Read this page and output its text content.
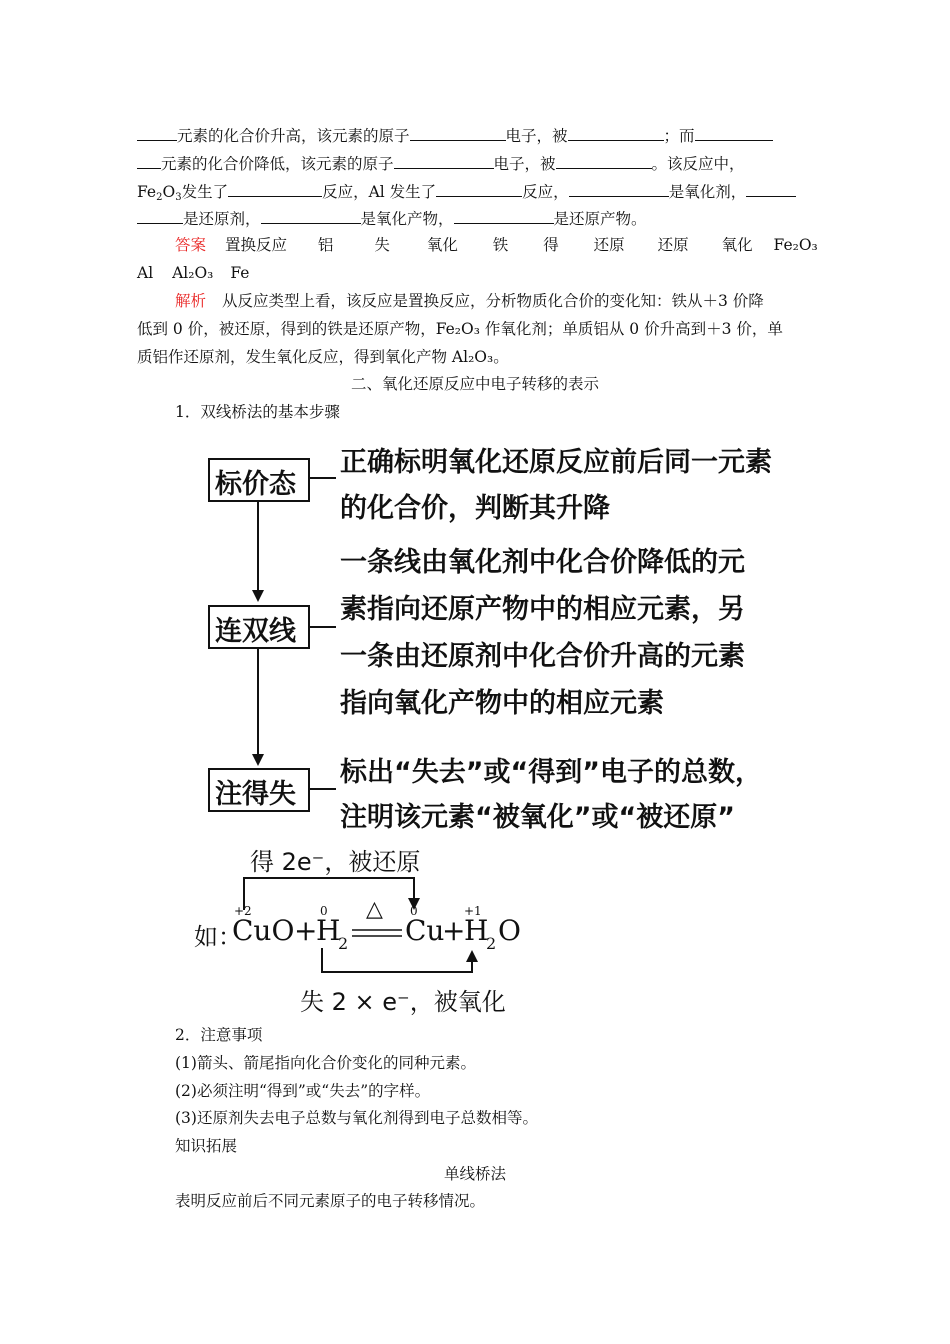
元素的化合价升高，该元素的原子	电子，被	；而
元素的化合价降低，该元素的原子	电子，被	。该反应中，
$Fe_2O_3$发生了	反应，Al 发生了	反应，	是氧化剂，
是还原剂，	是氧化产物，	是还原产物。
答案 置换反应 铝	失 氧化 铁 得 还原 还原 氧化 Fe₂O₃
Al Al₂O₃ Fe
解析 从反应类型上看，该反应是置换反应，分析物质化合价的变化知：铁从＋3 价降
低到 0 价，被还原，得到的铁是还原产物，Fe₂O₃ 作氧化剂；单质铝从 0 价升高到＋3 价，单
质铝作还原剂，发生氧化反应，得到氧化产物 Al₂O₃。
二、氧化还原反应中电子转移的表示
1．双线桥法的基本步骤
标价态
正确标明氧化还原反应前后同一元素
的化合价，判断其升降
连双线
一条线由氧化剂中化合价降低的元
素指向还原产物中的相应元素，另
一条由还原剂中化合价升高的元素
指向氧化产物中的相应元素
注得失
标出“失去”或“得到”电子的总数，
注明该元素“被氧化”或“被还原”
得 2e⁻，被还原
如：
CuO +
H
2
△
Cu
+
H
2 O
+2	0	0	+1
失 2 × e⁻，被氧化
2．注意事项
(1)箭头、箭尾指向化合价变化的同种元素。
(2)必须注明“得到”或“失去”的字样。
(3)还原剂失去电子总数与氧化剂得到电子总数相等。
知识拓展
单线桥法
表明反应前后不同元素原子的电子转移情况。
